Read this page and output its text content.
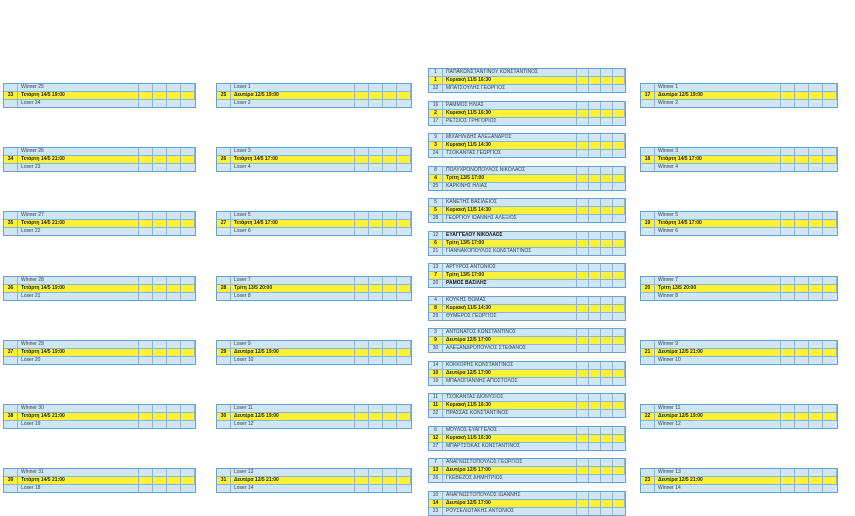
Winner 25
33	Τετάρτη 14/5 19:00
Loser 24
Loser 1
25	Δευτέρα 12/5 19:00
Loser 2
Winner 1
17	Δευτέρα 12/5 19:00
Winner 2
Winner 26
34	Τετάρτη 14/5 21:00
Loser 23
Loser 3
26	Τετάρτη 14/5 17:00
Loser 4
Winner 3
18	Τετάρτη 14/5 17:00
Winner 4
Winner 27
35	Τετάρτη 14/5 21:00
Loser 22
Loser 5
27	Τετάρτη 14/5 17:00
Loser 6
Winner 5
19	Τετάρτη 14/5 17:00
Winner 6
Winner 28
36	Τετάρτη 14/5 19:00
Loser 21
Loser 7
28	Τρίτη 13/5 20:00
Loser 8
Winner 7
20	Τρίτη 13/5 20:00
Winner 8
Winner 29
37	Τετάρτη 14/5 19:00
Loser 20
Loser 9
29	Δευτέρα 12/5 19:00
Loser 10
Winner 9
21	Δευτέρα 12/5 21:00
Winner 10
Winner 30
38	Τετάρτη 14/5 21:00
Loser 19
Loser 11
30	Δευτέρα 12/5 19:00
Loser 12
Winner 11
22	Δευτέρα 12/5 19:00
Winner 12
Winner 31
39	Τετάρτη 14/5 21:00
Loser 18
Loser 13
31	Δευτέρα 12/5 21:00
Loser 14
Winner 13
23	Δευτέρα 12/5 21:00
Winner 14
1	ΠΑΠΑΚΩΝΣΤΑΝΤΙΝΟΥ ΚΩΝΣΤΑΝΤΙΝΟΣ
1	Κυριακή 11/5 16:30
32	ΜΠΑΤΣΟΥΛΗΣ ΓΕΩΡΓΙΟΣ
16	ΡΑΜΜΟΣ ΗΛΙΑΣ
2	Κυριακή 11/5 16:30
17	ΡΕΤΣΙΟΣ ΓΡΗΓΟΡΙΟΣ
9	ΜΙΧΑΗΛΙΔΗΣ ΑΛΕΞΑΝΔΡΟΣ
3	Κυριακή 11/5 14:30
24	ΤΣΟΚΑΝΤΑΣ ΓΕΩΡΓΙΟΣ
8	ΠΟΛΥΧΡΟΝΟΠΟΥΛΟΣ ΝΙΚΟΛΑΟΣ
4	Τρίτη 13/5 17:00
25	ΚΑΡΚΙΝΗΣ ΗΛΙΑΣ
5	ΚΑΝΕΤΗΣ ΒΑΣΙΛΕΙΟΣ
5	Κυριακή 11/5 14:30
28	ΓΕΩΡΓΙΟΥ ΙΩΑΝΝΗΣ ΑΛΕΞΙΟΣ
12	ΕΥΑΓΓΕΛΟΥ ΝΙΚΟΛΑΟΣ
6	Τρίτη 13/5 17:00
21	ΓΙΑΝΝΑΚΟΠΟΥΛΟΣ ΚΩΝΣΤΑΝΤΙΝΟΣ
13	ΑΡΓΥΡΟΣ ΑΝΤΩΝΙΟΣ
7	Τρίτη 13/5 17:00
20	ΡΑΜΟΣ ΒΑΣΙΛΗΣ
4	ΚΟΥΚΗΣ ΘΩΜΑΣ
8	Κυριακή 11/5 14:30
29	ΘΥΜΕΡΟΣ ΓΕΩΡΓΙΟΣ
3	ΑΝΤΩΝΑΤΟΣ ΚΩΝΣΤΑΝΤΙΝΟΣ
9	Δευτέρα 12/5 17:00
30	ΑΛΕΞΑΝΔΡΟΠΟΥΛΟΣ ΣΤΕΦΑΝΟΣ
14	ΚΟΚΚΟΡΗΣ ΚΩΝΣΤΑΝΤΙΝΟΣ
10	Δευτέρα 12/5 17:00
19	ΜΠΑΛΟΓΙΑΝΝΗΣ ΑΠΟΣΤΟΛΟΣ
11	ΤΣΟΚΑΝΤΑΣ ΔΙΟΝΥΣΙΟΣ
11	Κυριακή 11/5 16:30
22	ΠΡΑΣΣΑΣ ΚΩΝΣΤΑΝΤΙΝΟΣ
6	ΜΟΥΛΟΣ ΕΥΑΓΓΕΛΟΣ
12	Κυριακή 11/5 16:30
27	ΜΠΑΡΤΣΟΚΑΣ ΚΩΝΣΤΑΝΤΙΝΟΣ
7	ΑΝΑΓΝΩΣΤΟΠΟΥΛΟΣ ΓΕΩΡΓΙΟΣ
13	Δευτέρα 12/5 17:00
26	ΓΚΕΒΕΖΟΣ ΔΗΜΗΤΡΙΟΣ
10	ΑΝΑΓΝΩΣΤΟΠΟΥΛΟΣ ΙΩΑΝΝΗΣ
14	Δευτέρα 12/5 17:00
23	ΡΟΥΣΕΛΙΩΤΑΚΗΣ ΑΝΤΩΝΙΟΣ
